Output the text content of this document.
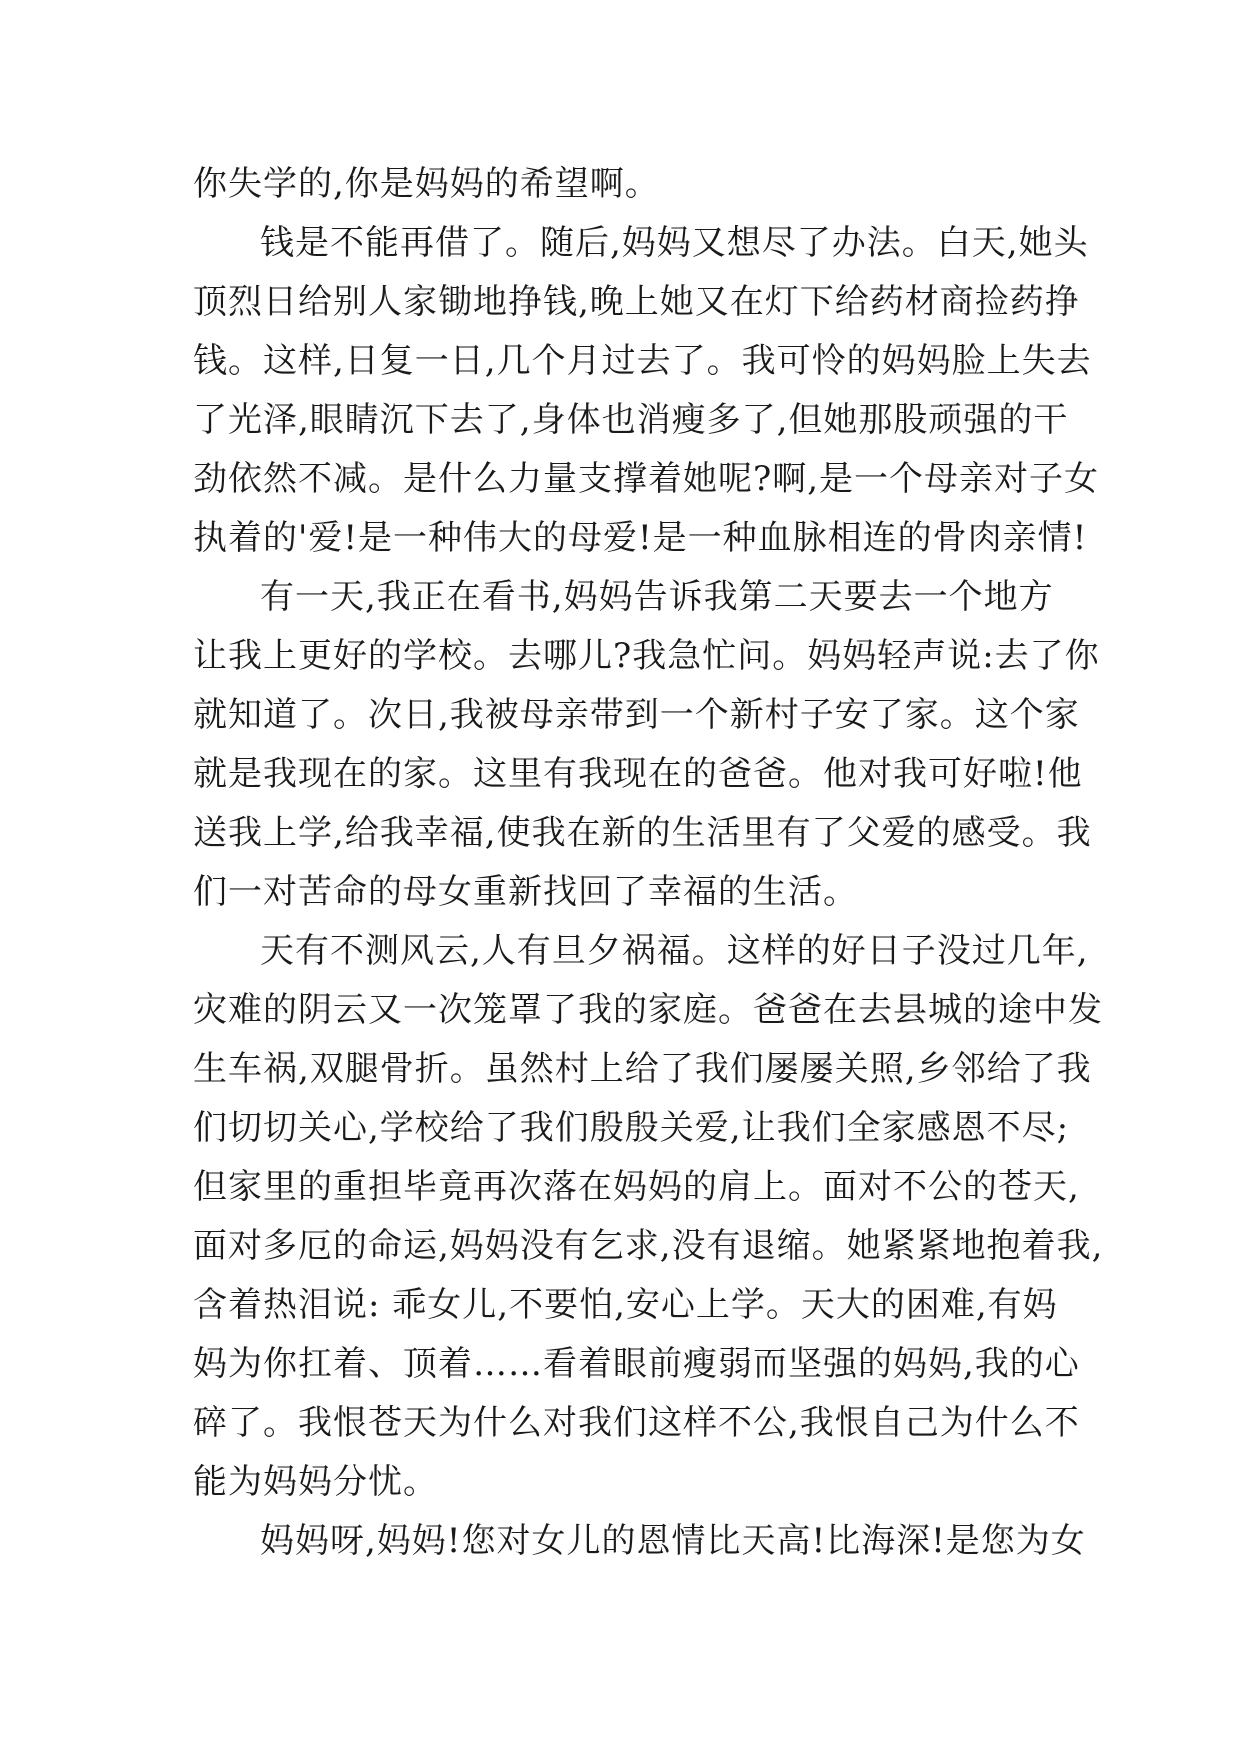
你失学的,你是妈妈的希望啊。
钱是不能再借了。随后,妈妈又想尽了办法。白天,她头
顶烈日给别人家锄地挣钱,晚上她又在灯下给药材商捡药挣
钱。这样,日复一日,几个月过去了。我可怜的妈妈脸上失去
了光泽,眼睛沉下去了,身体也消瘦多了,但她那股顽强的干
劲依然不减。是什么力量支撑着她呢?啊,是一个母亲对子女
执着的'爱!是一种伟大的母爱!是一种血脉相连的骨肉亲情!
有一天,我正在看书,妈妈告诉我第二天要去一个地方
让我上更好的学校。去哪儿?我急忙问。妈妈轻声说:去了你
就知道了。次日,我被母亲带到一个新村子安了家。这个家
就是我现在的家。这里有我现在的爸爸。他对我可好啦!他
送我上学,给我幸福,使我在新的生活里有了父爱的感受。我
们一对苦命的母女重新找回了幸福的生活。
天有不测风云,人有旦夕祸福。这样的好日子没过几年,
灾难的阴云又一次笼罩了我的家庭。爸爸在去县城的途中发
生车祸,双腿骨折。虽然村上给了我们屡屡关照,乡邻给了我
们切切关心,学校给了我们殷殷关爱,让我们全家感恩不尽;
但家里的重担毕竟再次落在妈妈的肩上。面对不公的苍天,
面对多厄的命运,妈妈没有乞求,没有退缩。她紧紧地抱着我,
含着热泪说: 乖女儿,不要怕,安心上学。天大的困难,有妈
妈为你扛着、顶着……看着眼前瘦弱而坚强的妈妈,我的心
碎了。我恨苍天为什么对我们这样不公,我恨自己为什么不
能为妈妈分忧。
妈妈呀,妈妈!您对女儿的恩情比天高!比海深!是您为女
